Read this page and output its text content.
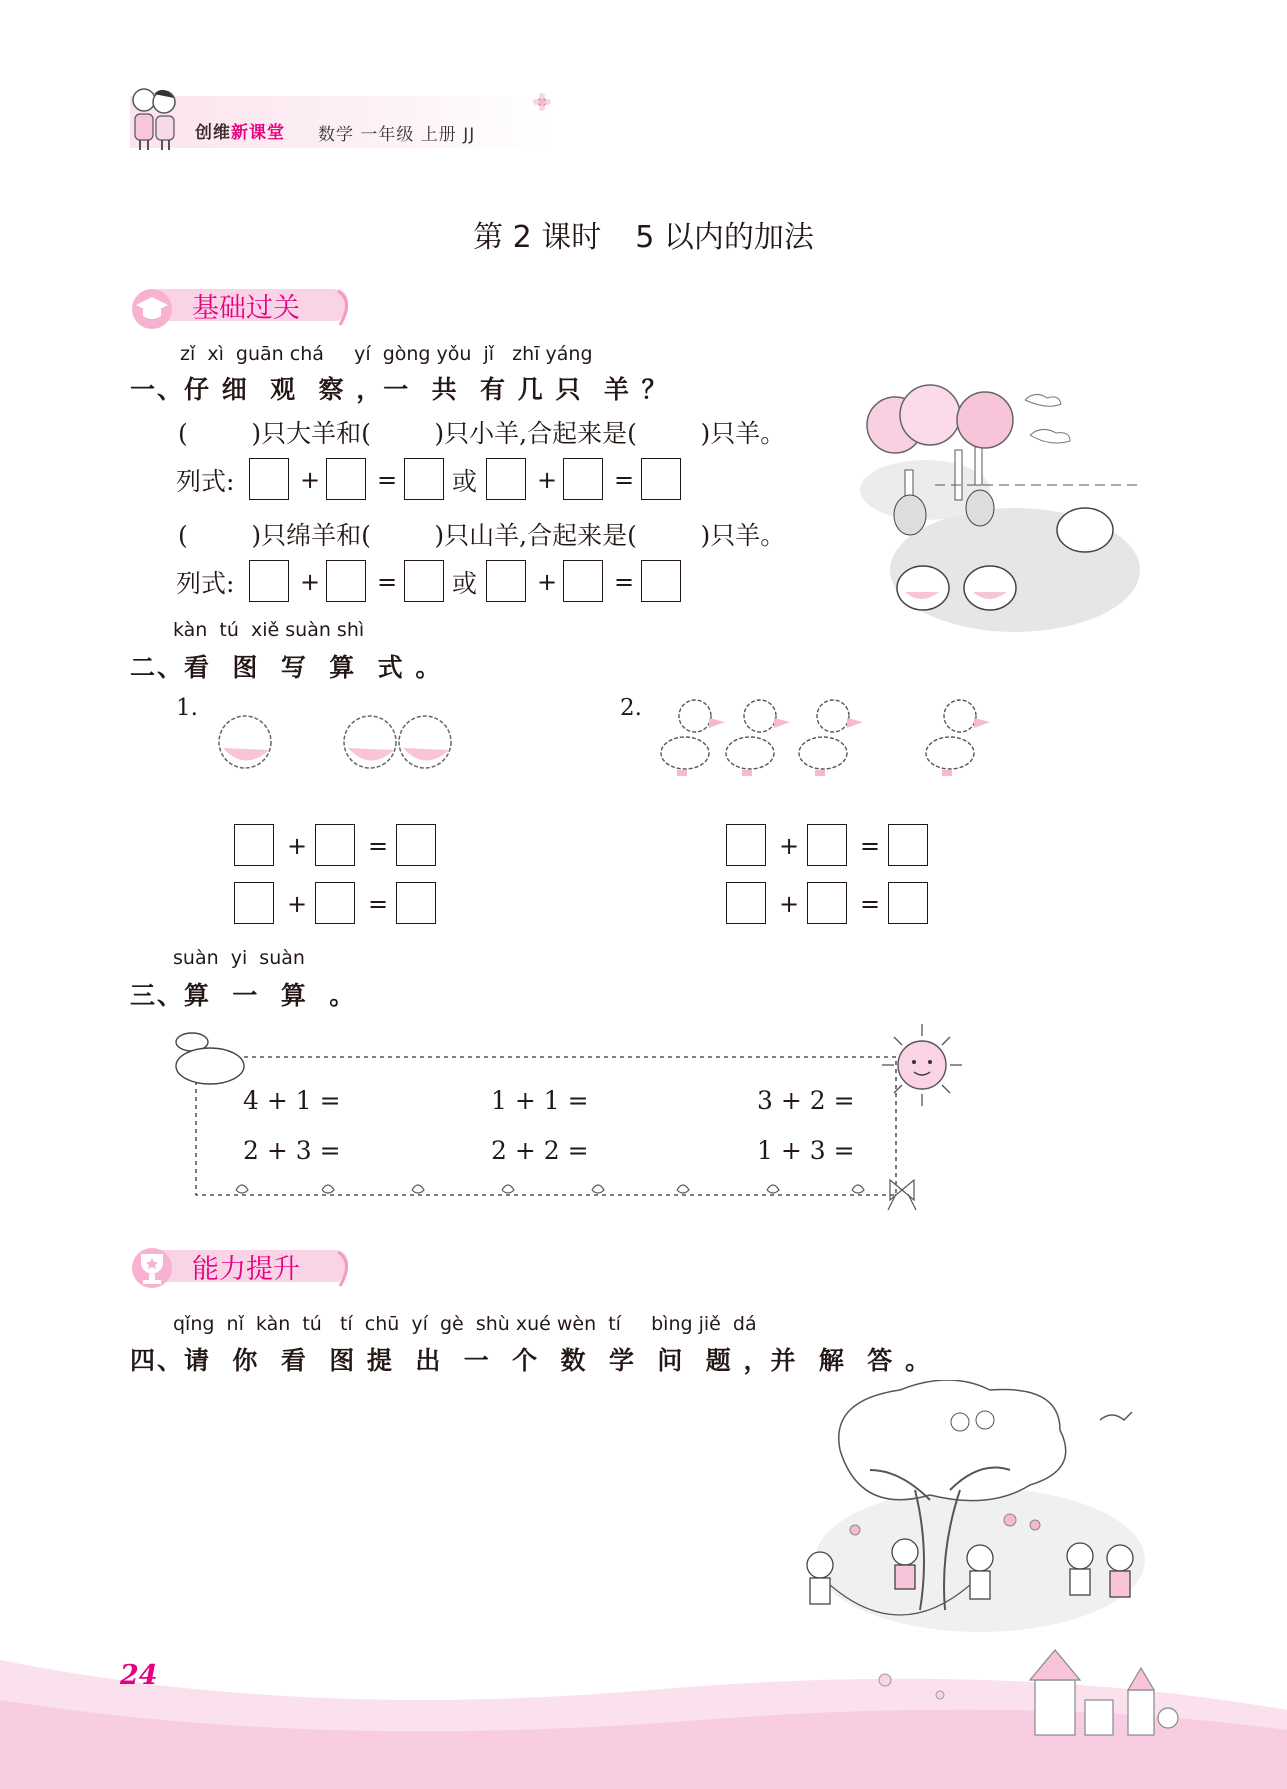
创维新课堂 数学 一年级 上册 JJ
第 2 课时 5 以内的加法
基础过关
zǐ  xì  guān chá     yí  gòng yǒu  jǐ   zhī yáng
一、仔 细  观  察 ，一  共  有 几 只  羊 ？
(        )只大羊和(        )只小羊,合起来是(        )只羊。
列式:	+ = 或 + =
(        )只绵羊和(        )只山羊,合起来是(        )只羊。
列式:	+ = 或 + =
kàn  tú  xiě suàn shì
二、看  图  写  算  式 。
1.	2.
+	=
+	=
+	=
+	=
suàn  yi  suàn
三、算  一  算  。
4 + 1 =	1 + 1 =	3 + 2 =
2 + 3 =	2 + 2 =	1 + 3 =
能力提升
qǐng  nǐ  kàn  tú   tí  chū  yí  gè  shù xué wèn  tí     bìng jiě  dá
四、请  你  看  图 提  出  一  个  数  学  问  题 ，并  解  答 。
24
